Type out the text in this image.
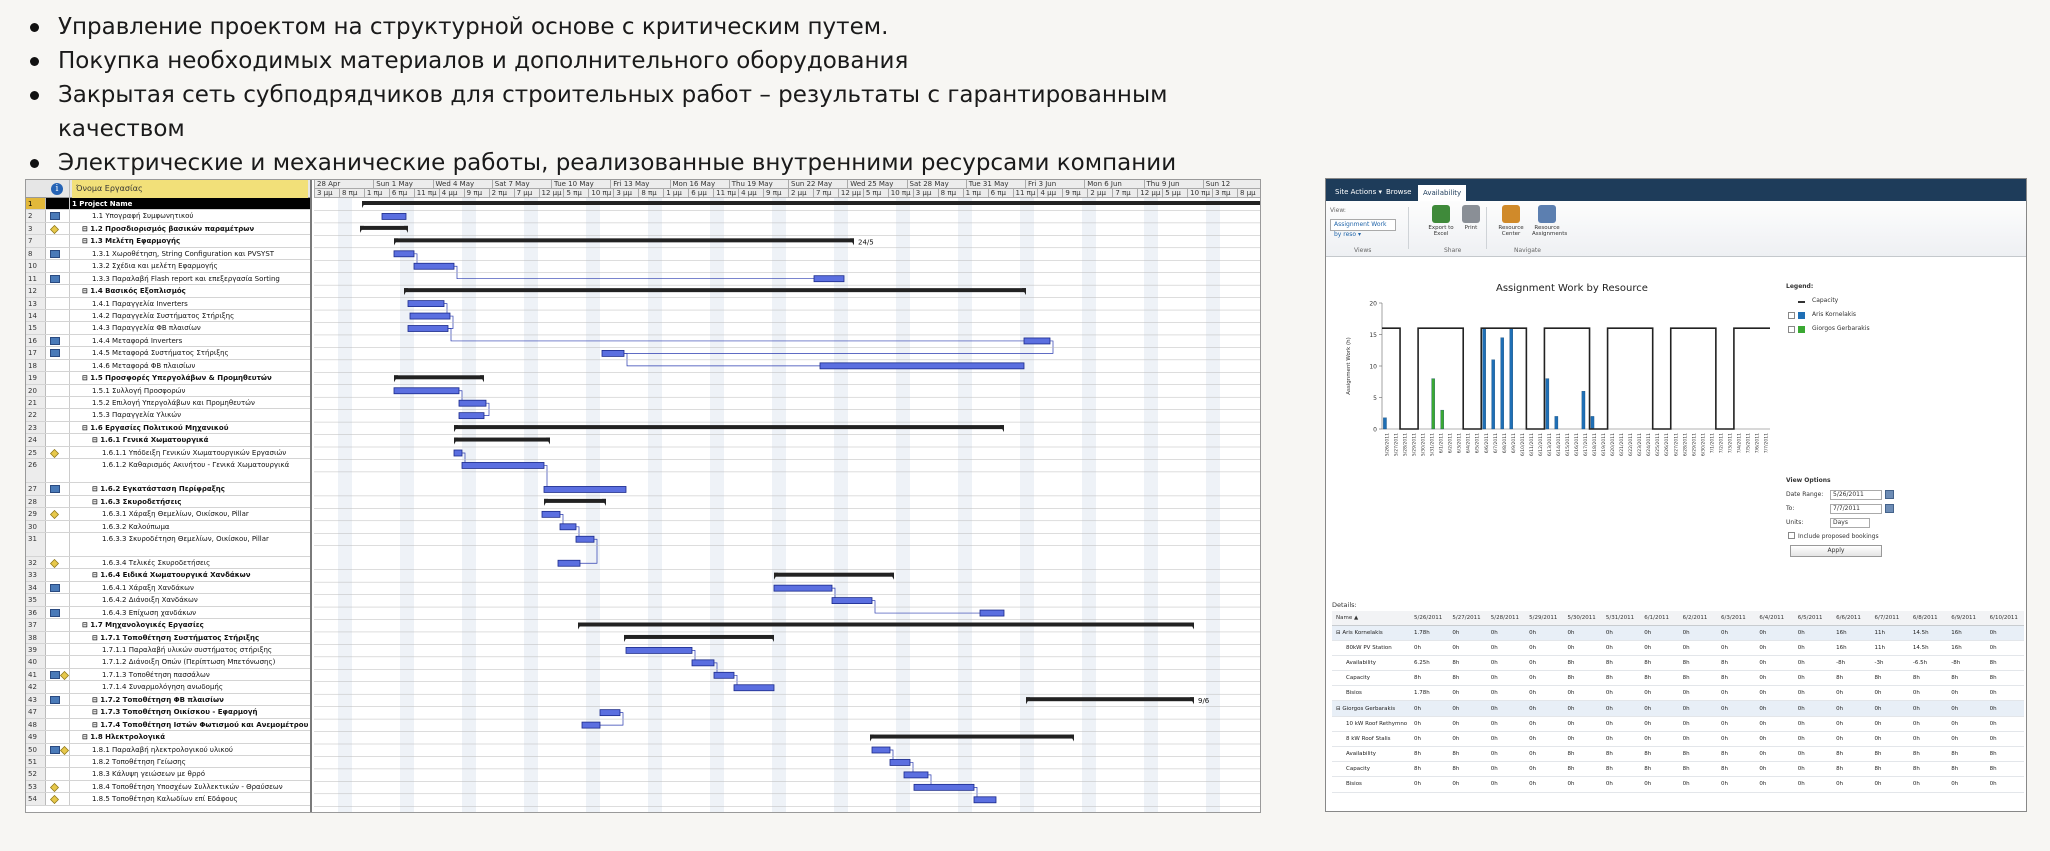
Управление проектом на структурной основе с критическим путем.
Покупка необходимых материалов и дополнительного оборудования
Закрытая сеть субподрядчиков для строительных работ – результаты с гарантированным качеством
Электрические и механические работы, реализованные внутренними ресурсами компании
i	Όνομα Εργασίας
1	1 Project Name
2	1.1 Υπογραφή Συμφωνητικού
3	⊟ 1.2 Προσδιορισμός βασικών παραμέτρων
7	⊟ 1.3 Μελέτη Εφαρμογής
8	1.3.1 Χωροθέτηση, String Configuration και PVSYST
10	1.3.2 Σχέδια και μελέτη Εφαρμογής
11	1.3.3 Παραλαβή Flash report και επεξεργασία Sorting
12	⊟ 1.4 Βασικός Εξοπλισμός
13	1.4.1 Παραγγελία Inverters
14	1.4.2 Παραγγελία Συστήματος Στήριξης
15	1.4.3 Παραγγελία ΦΒ πλαισίων
16	1.4.4 Μεταφορά Inverters
17	1.4.5 Μεταφορά Συστήματος Στήριξης
18	1.4.6 Μεταφορά ΦΒ πλαισίων
19	⊟ 1.5 Προσφορές Υπεργολάβων & Προμηθευτών
20	1.5.1 Συλλογή Προσφορών
21	1.5.2 Επιλογή Υπεργολάβων και Προμηθευτών
22	1.5.3 Παραγγελία Υλικών
23	⊟ 1.6 Εργασίες Πολιτικού Μηχανικού
24	⊟ 1.6.1 Γενικά Χωματουργικά
25	1.6.1.1 Υπόδειξη Γενικών Χωματουργικών Εργασιών
26	1.6.1.2 Καθαρισμός Ακινήτου - Γενικά Χωματουργικά
27	⊟ 1.6.2 Εγκατάσταση Περίφραξης
28	⊟ 1.6.3 Σκυροδετήσεις
29	1.6.3.1 Χάραξη Θεμελίων, Οικίσκου, Pillar
30	1.6.3.2 Καλούπωμα
31	1.6.3.3 Σκυροδέτηση Θεμελίων, Οικίσκου, Pillar
32	1.6.3.4 Τελικές Σκυροδετήσεις
33	⊟ 1.6.4 Ειδικά Χωματουργικά Χανδάκων
34	1.6.4.1 Χάραξη Χανδάκων
35	1.6.4.2 Διάνοιξη Χανδάκων
36	1.6.4.3 Επίχωση χανδάκων
37	⊟ 1.7 Μηχανολογικές Εργασίες
38	⊟ 1.7.1 Τοποθέτηση Συστήματος Στήριξης
39	1.7.1.1 Παραλαβή υλικών συστήματος στήριξης
40	1.7.1.2 Διάνοιξη Οπών (Περίπτωση Μπετόνωσης)
41	1.7.1.3 Τοποθέτηση πασσάλων
42	1.7.1.4 Συναρμολόγηση ανωδομής
43	⊟ 1.7.2 Τοποθέτηση ΦΒ πλαισίων
47	⊟ 1.7.3 Τοποθέτηση Οικίσκου - Εφαρμογή
48	⊟ 1.7.4 Τοποθέτηση Ιστών Φωτισμού και Ανεμομέτρου
49	⊟ 1.8 Ηλεκτρολογικά
50	1.8.1 Παραλαβή ηλεκτρολογικού υλικού
51	1.8.2 Τοποθέτηση Γείωσης
52	1.8.3 Κάλυψη γειώσεων με θρρό
53	1.8.4 Τοποθέτηση Υποσχέων Συλλεκτικών - Θραύσεων
54	1.8.5 Τοποθέτηση Καλωδίων επί Εδάφους
28 Apr	Sun 1 May	Wed 4 May	Sat 7 May	Tue 10 May	Fri 13 May	Mon 16 May	Thu 19 May	Sun 22 May	Wed 25 May	Sat 28 May	Tue 31 May	Fri 3 Jun	Mon 6 Jun	Thu 9 Jun	Sun 12
3 μμ	8 πμ	1 πμ	6 πμ	11 πμ 4 μμ	9 πμ	2 πμ	7 μμ	12 μμ 5 πμ	10 πμ 3 μμ	8 πμ	1 μμ	6 μμ	11 πμ 4 μμ	9 πμ	2 μμ	7 πμ	12 μμ 5 πμ	10 πμ 3 μμ	8 πμ	1 πμ	6 πμ	11 πμ 4 μμ	9 πμ	2 μμ	7 πμ	12 μμ 5 μμ	10 πμ 3 πμ	8 μμ
24/5
9/6
Site Actions ▾ Browse	Availability
View:
Assignment Work by reso ▾
Export to Excel
Print	Resource Center
Resource Assignments
Views	Share	Navigate
Assignment Work by Resource
0
5
10
15
20
Assignment Work (h)
5/26/2011 5/27/2011 5/28/2011 5/29/2011 5/30/2011 5/31/2011 6/1/2011 6/2/2011 6/3/2011 6/4/2011 6/5/2011 6/6/2011 6/7/2011 6/8/2011 6/9/2011 6/10/2011 6/11/2011 6/12/2011 6/13/2011 6/14/2011 6/15/2011 6/16/2011 6/17/2011 6/18/2011 6/19/2011 6/20/2011 6/21/2011 6/22/2011 6/23/2011 6/24/2011 6/25/2011 6/26/2011 6/27/2011 6/28/2011 6/29/2011 6/30/2011 7/1/2011 7/2/2011 7/3/2011 7/4/2011 7/5/2011 7/6/2011 7/7/2011
Legend:
Capacity
Aris Kornelakis
Giorgos Gerbarakis
View Options
Date Range:	5/26/2011
To:	7/7/2011
Units:	Days
Include proposed bookings
Apply
Details:
Name ▲	5/26/2011	5/27/2011	5/28/2011	5/29/2011	5/30/2011	5/31/2011	6/1/2011	6/2/2011	6/3/2011	6/4/2011	6/5/2011	6/6/2011	6/7/2011	6/8/2011	6/9/2011	6/10/2011
⊟ Aris Kornelakis	1.78h	0h	0h	0h	0h	0h	0h	0h	0h	0h	0h	16h	11h	14.5h	16h	0h
80kW PV Station	0h	0h	0h	0h	0h	0h	0h	0h	0h	0h	0h	16h	11h	14.5h	16h	0h
Availability	6.25h	8h	0h	0h	8h	8h	8h	8h	8h	0h	0h	-8h	-3h	-6.5h	-8h	8h
Capacity	8h	8h	0h	0h	8h	8h	8h	8h	8h	0h	0h	8h	8h	8h	8h	8h
Bisios	1.78h	0h	0h	0h	0h	0h	0h	0h	0h	0h	0h	0h	0h	0h	0h	0h
⊟ Giorgos Gerbarakis	0h	0h	0h	0h	0h	0h	0h	0h	0h	0h	0h	0h	0h	0h	0h	0h
10 kW Roof Rethymno	0h	0h	0h	0h	0h	0h	0h	0h	0h	0h	0h	0h	0h	0h	0h	0h
8 kW Roof Stalis	0h	0h	0h	0h	0h	0h	0h	0h	0h	0h	0h	0h	0h	0h	0h	0h
Availability	8h	8h	0h	0h	8h	8h	8h	8h	8h	0h	0h	8h	8h	8h	8h	8h
Capacity	8h	8h	0h	0h	8h	8h	8h	8h	8h	0h	0h	8h	8h	8h	8h	8h
Bisios	0h	0h	0h	0h	0h	0h	0h	0h	0h	0h	0h	0h	0h	0h	0h	0h
